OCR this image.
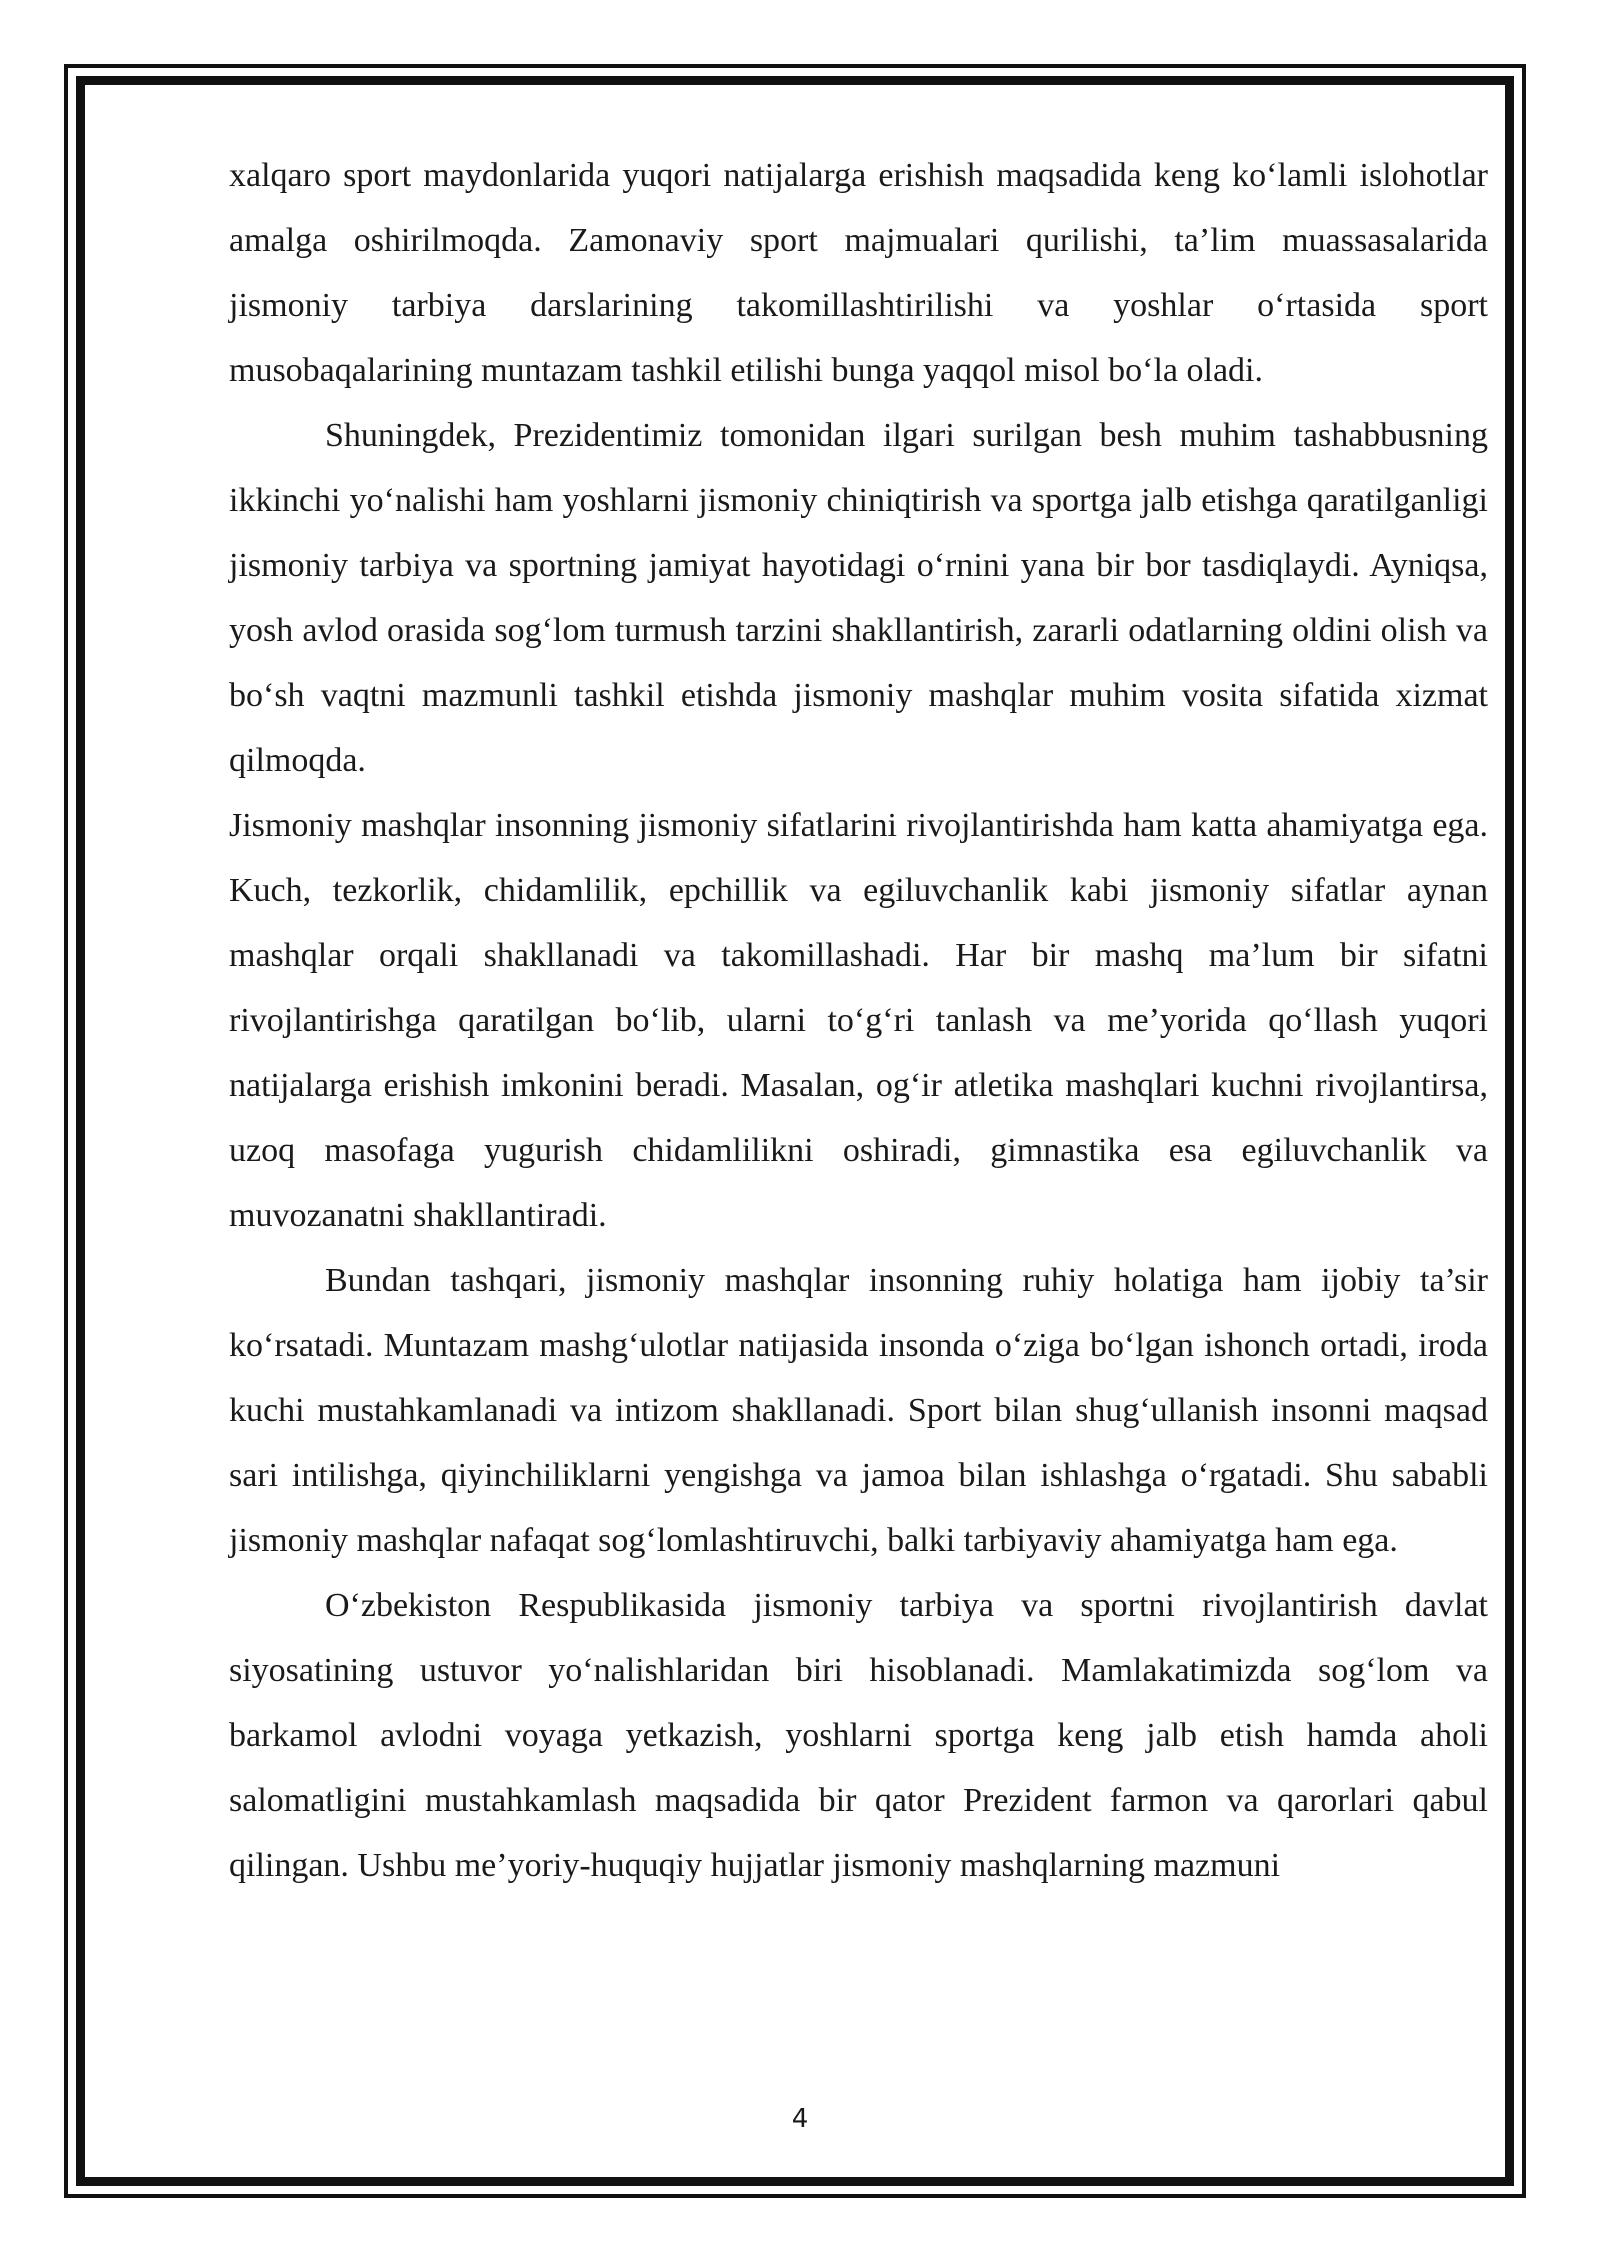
xalqaro sport maydonlarida yuqori natijalarga erishish maqsadida keng ko‘lamli islohotlar amalga oshirilmoqda. Zamonaviy sport majmualari qurilishi, ta’lim muassasalarida jismoniy tarbiya darslarining takomillashtirilishi va yoshlar o‘rtasida sport musobaqalarining muntazam tashkil etilishi bunga yaqqol misol bo‘la oladi.

Shuningdek, Prezidentimiz tomonidan ilgari surilgan besh muhim tashabbusning ikkinchi yo‘nalishi ham yoshlarni jismoniy chiniqtirish va sportga jalb etishga qaratilganligi jismoniy tarbiya va sportning jamiyat hayotidagi o‘rnini yana bir bor tasdiqlaydi. Ayniqsa, yosh avlod orasida sog‘lom turmush tarzini shakllantirish, zararli odatlarning oldini olish va bo‘sh vaqtni mazmunli tashkil etishda jismoniy mashqlar muhim vosita sifatida xizmat qilmoqda.

Jismoniy mashqlar insonning jismoniy sifatlarini rivojlantirishda ham katta ahamiyatga ega. Kuch, tezkorlik, chidamlilik, epchillik va egiluvchanlik kabi jismoniy sifatlar aynan mashqlar orqali shakllanadi va takomillashadi. Har bir mashq ma’lum bir sifatni rivojlantirishga qaratilgan bo‘lib, ularni to‘g‘ri tanlash va me’yorida qo‘llash yuqori natijalarga erishish imkonini beradi. Masalan, og‘ir atletika mashqlari kuchni rivojlantirsa, uzoq masofaga yugurish chidamlilikni oshiradi, gimnastika esa egiluvchanlik va muvozanatni shakllantiradi.

Bundan tashqari, jismoniy mashqlar insonning ruhiy holatiga ham ijobiy ta’sir ko‘rsatadi. Muntazam mashg‘ulotlar natijasida insonda o‘ziga bo‘lgan ishonch ortadi, iroda kuchi mustahkamlanadi va intizom shakllanadi. Sport bilan shug‘ullanish insonni maqsad sari intilishga, qiyinchiliklarni yengishga va jamoa bilan ishlashga o‘rgatadi. Shu sababli jismoniy mashqlar nafaqat sog‘lomlashtiruvchi, balki tarbiyaviy ahamiyatga ham ega.

O‘zbekiston Respublikasida jismoniy tarbiya va sportni rivojlantirish davlat siyosatining ustuvor yo‘nalishlaridan biri hisoblanadi. Mamlakatimizda sog‘lom va barkamol avlodni voyaga yetkazish, yoshlarni sportga keng jalb etish hamda aholi salomatligini mustahkamlash maqsadida bir qator Prezident farmon va qarorlari qabul qilingan. Ushbu me’yoriy-huquqiy hujjatlar jismoniy mashqlarning mazmuni

4
